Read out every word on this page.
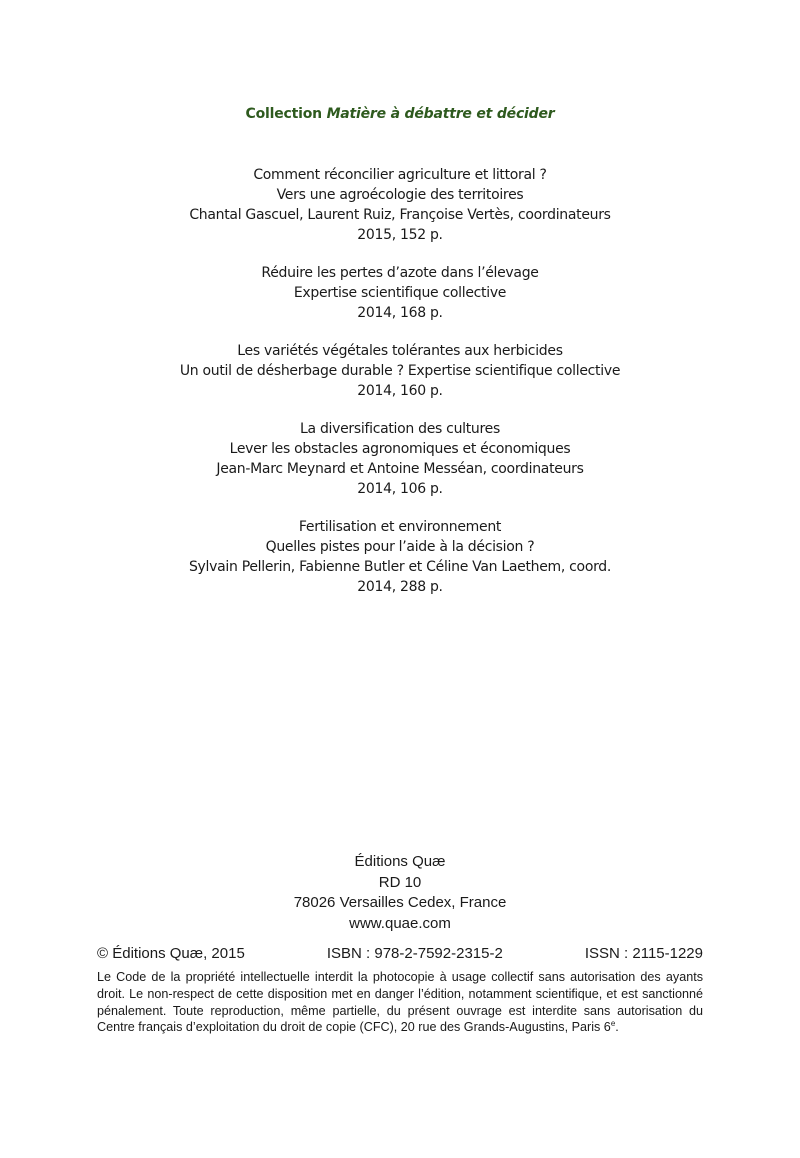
Collection Matière à débattre et décider
Comment réconcilier agriculture et littoral ?
Vers une agroécologie des territoires
Chantal Gascuel, Laurent Ruiz, Françoise Vertès, coordinateurs
2015, 152 p.
Réduire les pertes d’azote dans l’élevage
Expertise scientifique collective
2014, 168 p.
Les variétés végétales tolérantes aux herbicides
Un outil de désherbage durable ? Expertise scientifique collective
2014, 160 p.
La diversification des cultures
Lever les obstacles agronomiques et économiques
Jean-Marc Meynard et Antoine Messéan, coordinateurs
2014, 106 p.
Fertilisation et environnement
Quelles pistes pour l’aide à la décision ?
Sylvain Pellerin, Fabienne Butler et Céline Van Laethem, coord.
2014, 288 p.
Éditions Quæ
RD 10
78026 Versailles Cedex, France
www.quae.com
© Éditions Quæ, 2015	ISBN : 978-2-7592-2315-2	ISSN : 2115-1229
Le Code de la propriété intellectuelle interdit la photocopie à usage collectif sans autorisation des ayants droit. Le non-respect de cette disposition met en danger l’édition, notamment scientifique, et est sanctionné pénalement. Toute reproduction, même partielle, du présent ouvrage est interdite sans autorisation du Centre français d’exploitation du droit de copie (CFC), 20 rue des Grands-Augustins, Paris 6e.
